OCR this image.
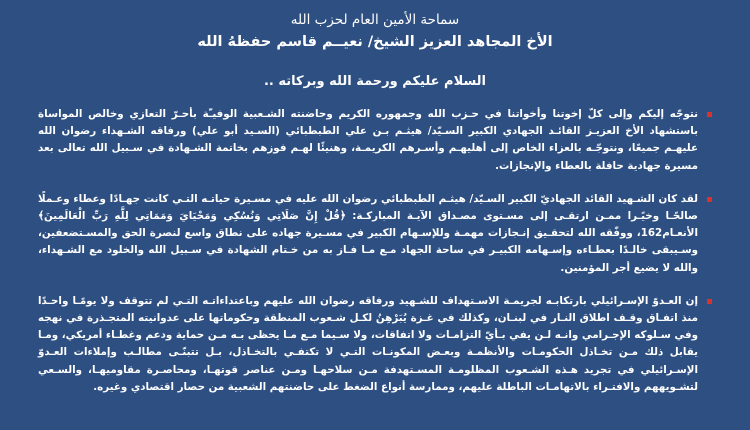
سماحة الأمين العام لحزب الله
الأخ المجاهد العزيز الشيخ/ نعيــم قاسم حفظهُ الله
السلام عليكم ورحمة الله وبركاته ..
نتوجّه إليكم وإلى كلّ إخوتنا وأخواتنا في حـزب الله وجمهوره الكريم وحاضنته الشـعبية الوفيـّة بأحـرّ التعازي وخالص المواساة باستشهاد الأخ العزيـز القائـد الجهادي الكبير السـيّد/ هيثـم بـن علي الطبطبائي (السـيد أبو علي) ورفاقه الشـهداء رضوان الله عليهـم جميعًا، ونتوجّـه بالعزاء الخاص إلى أهليهـم وأسـرهم الكريمـة، وهنيئًا لهـم فوزهم بخاتمة الشـهادة في سـبيل الله تعالى بعد مسيرة جهادية حافلة بالعطاء والإنجازات.
لقد كان الشـهيد القائد الجهاديّ الكبير السـيّد/ هيثـم الطبطبائي رضوان الله عليه في مسـيرة حياتـه التـي كانت جهـادًا وعطاء وعـملًا صالحًـا وخيًـرا ممـن ارتقـى إلى مسـتوى مصـداق الآيـة المباركـة: ﴿قُلْ إِنَّ صَلَاتِي وَنُسُكِي وَمَحْيَايَ وَمَمَاتِي لِلَّهِ رَبِّ الْعَالَمِينَ﴾الأنعـام162، ووفّقه الله لتحقـيق إنـجازات مهمـة وللإسـهام الكبير في مسـيرة جهاده على نطاق واسع لنصرة الحق والمسـتضعفين، وسـيبقى خالـدًا بعطـاءه وإسـهامه الكبيـر في ساحة الجهاد مـع مـا فـاز به من خـتام الشهادة في سـبيل الله والخلود مع الشـهداء، والله لا يضيع أجر المؤمنين.
إن العـدوّ الإسـرائيلي بارتكابـه لجريمـة الاسـتهداف للشـهيد ورفاقه رضوان الله عليهم وباعتداءاتـه التـي لم تتوقف ولا يومًـا واحـدًا منذ اتفـاق وقـف اطلاق النـار في لبنـان، وكذلك في غـزة يُبَرْهِنُ لكـل شـعوب المنطقة وحكوماتها على عدوانيته المتجـذرة في نهجه وفي سـلوكه الإجـرامي وانـه لـن يفي بـأيّ التزامـات ولا اتفاقات، ولا سـيما مـع مـا يحظى بـه مـن حماية ودعم وغطـاء أمريكي، ومـا يقابل ذلك مـن تخـاذل الحكومـات والأنظمـة وبعـض المكونـات التـي لا تكتفـي بالتخـاذل، بـل تتبنّـى مطالـب وإملاءات العـدوّ الإسـرائيلي في تجريد هـذه الشـعوب المظلومـة المسـتهدفة مـن سلاحهـا ومـن عناصر قوتهـا، ومحاصـرة مقاوميهـا، والسـعي لتشـويههم والافتـراء بالاتهامـات الباطلة عليهم، وممارسة أنواع الضغط على حاضنتهم الشعبية من حصار اقتصادي وغيره.
